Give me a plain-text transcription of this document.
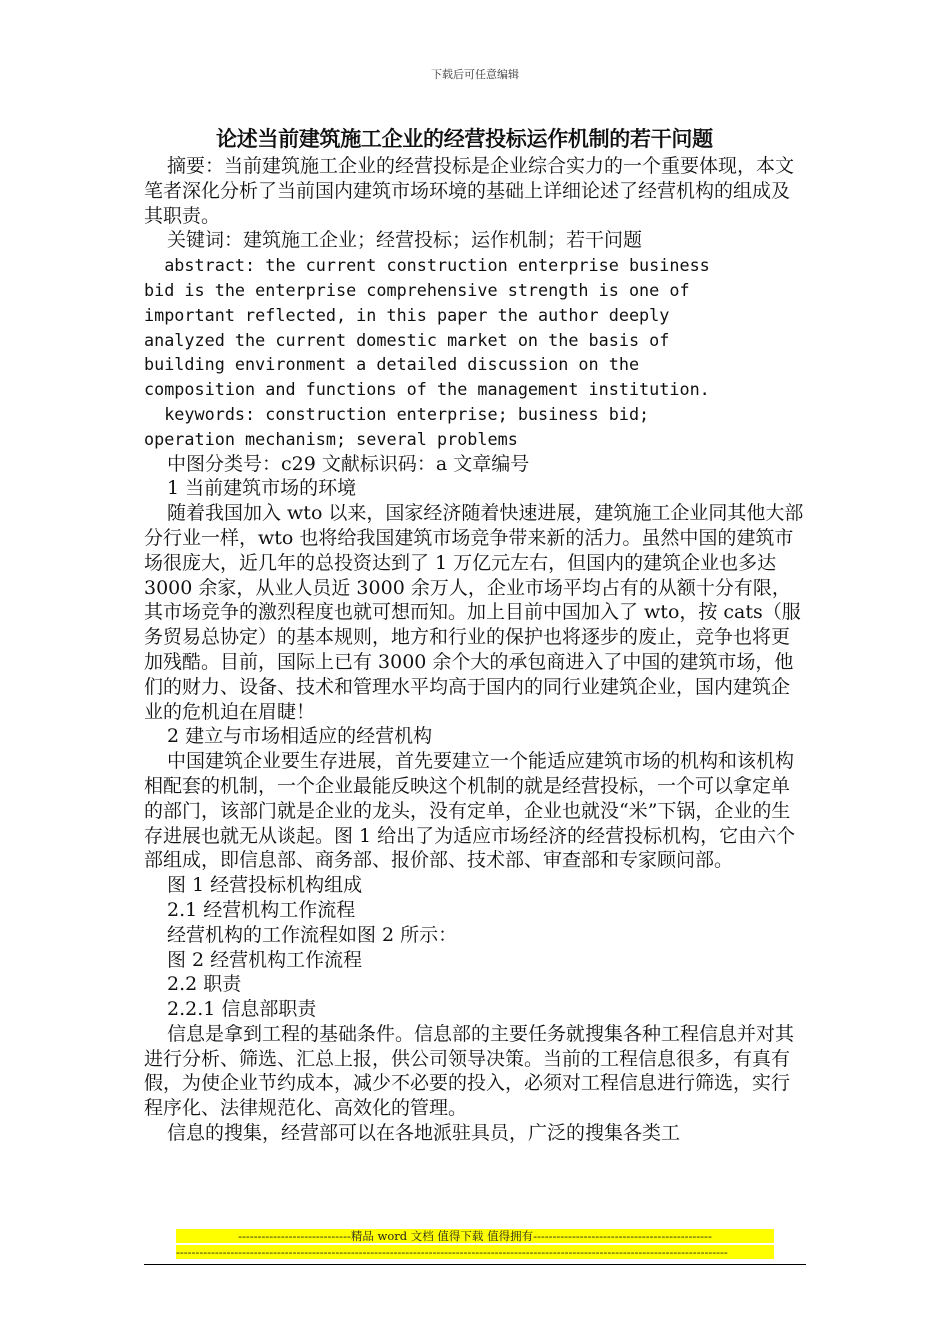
下载后可任意编辑

论述当前建筑施工企业的经营投标运作机制的若干问题

摘要：当前建筑施工企业的经营投标是企业综合实力的一个重要体现，本文笔者深化分析了当前国内建筑市场环境的基础上详细论述了经营机构的组成及其职责。

关键词：建筑施工企业；经营投标；运作机制；若干问题

abstract: the current construction enterprise business
bid is the enterprise comprehensive strength is one of
important reflected, in this paper the author deeply
analyzed the current domestic market on the basis of
building environment a detailed discussion on the
composition and functions of the management institution.

keywords: construction enterprise; business bid;
operation mechanism; several problems

中图分类号：c29 文献标识码：a 文章编号

1 当前建筑市场的环境

随着我国加入 wto 以来，国家经济随着快速进展，建筑施工企业同其他大部分行业一样，wto 也将给我国建筑市场竞争带来新的活力。虽然中国的建筑市场很庞大，近几年的总投资达到了 1 万亿元左右，但国内的建筑企业也多达 3000 余家，从业人员近 3000 余万人，企业市场平均占有的从额十分有限，其市场竞争的激烈程度也就可想而知。加上目前中国加入了 wto，按 cats（服务贸易总协定）的基本规则，地方和行业的保护也将逐步的废止，竞争也将更加残酷。目前，国际上已有 3000 余个大的承包商进入了中国的建筑市场，他们的财力、设备、技术和管理水平均高于国内的同行业建筑企业，国内建筑企业的危机迫在眉睫！

2 建立与市场相适应的经营机构

中国建筑企业要生存进展，首先要建立一个能适应建筑市场的机构和该机构相配套的机制，一个企业最能反映这个机制的就是经营投标，一个可以拿定单的部门，该部门就是企业的龙头，没有定单，企业也就没“米”下锅，企业的生存进展也就无从谈起。图 1 给出了为适应市场经济的经营投标机构，它由六个部组成，即信息部、商务部、报价部、技术部、审查部和专家顾问部。

图 1 经营投标机构组成

2.1 经营机构工作流程

经营机构的工作流程如图 2 所示：

图 2 经营机构工作流程

2.2 职责

2.2.1 信息部职责

信息是拿到工程的基础条件。信息部的主要任务就搜集各种工程信息并对其进行分析、筛选、汇总上报，供公司领导决策。当前的工程信息很多，有真有假，为使企业节约成本，减少不必要的投入，必须对工程信息进行筛选，实行程序化、法律规范化、高效化的管理。

信息的搜集，经营部可以在各地派驻具员，广泛的搜集各类工

-----------------------------精品 word 文档 值得下载 值得拥有----------------------------------------------
----------------------------------------------------------------------------------------------------------------------------------------------
